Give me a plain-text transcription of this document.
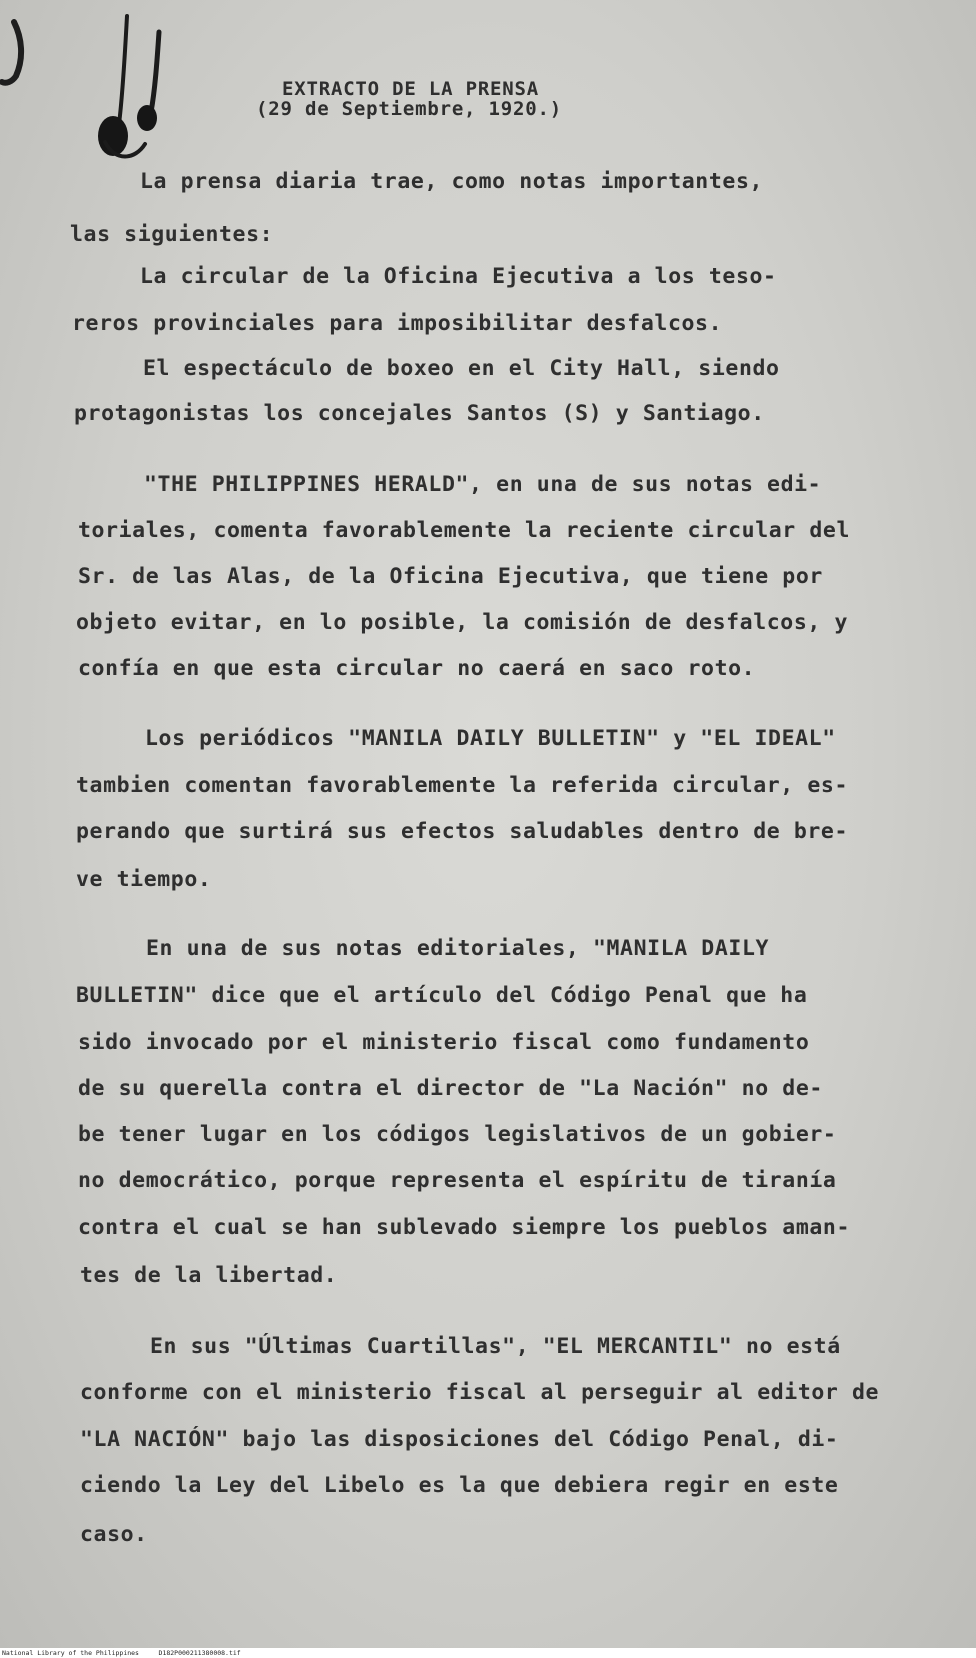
EXTRACTO DE LA PRENSA
(29 de Septiembre, 1920.)
La prensa diaria trae, como notas importantes,
las siguientes:
La circular de la Oficina Ejecutiva a los teso-
reros provinciales para imposibilitar desfalcos.
El espectáculo de boxeo en el City Hall, siendo
protagonistas los concejales Santos (S) y Santiago.
"THE PHILIPPINES HERALD", en una de sus notas edi-
toriales, comenta favorablemente la reciente circular del
Sr. de las Alas, de la Oficina Ejecutiva, que tiene por
objeto evitar, en lo posible, la comisión de desfalcos, y
confía en que esta circular no caerá en saco roto.
Los periódicos "MANILA DAILY BULLETIN" y "EL IDEAL"
tambien comentan favorablemente la referida circular, es-
perando que surtirá sus efectos saludables dentro de bre-
ve tiempo.
En una de sus notas editoriales, "MANILA DAILY
BULLETIN" dice que el artículo del Código Penal que ha
sido invocado por el ministerio fiscal como fundamento
de su querella contra el director de "La Nación" no de-
be tener lugar en los códigos legislativos de un gobier-
no democrático, porque representa el espíritu de tiranía
contra el cual se han sublevado siempre los pueblos aman-
tes de la libertad.
En sus "Últimas Cuartillas", "EL MERCANTIL" no está
conforme con el ministerio fiscal al perseguir al editor de
"LA NACIÓN" bajo las disposiciones del Código Penal, di-
ciendo la Ley del Libelo es la que debiera regir en este
caso.
National Library of the Philippines     D182P000211380008.tif
